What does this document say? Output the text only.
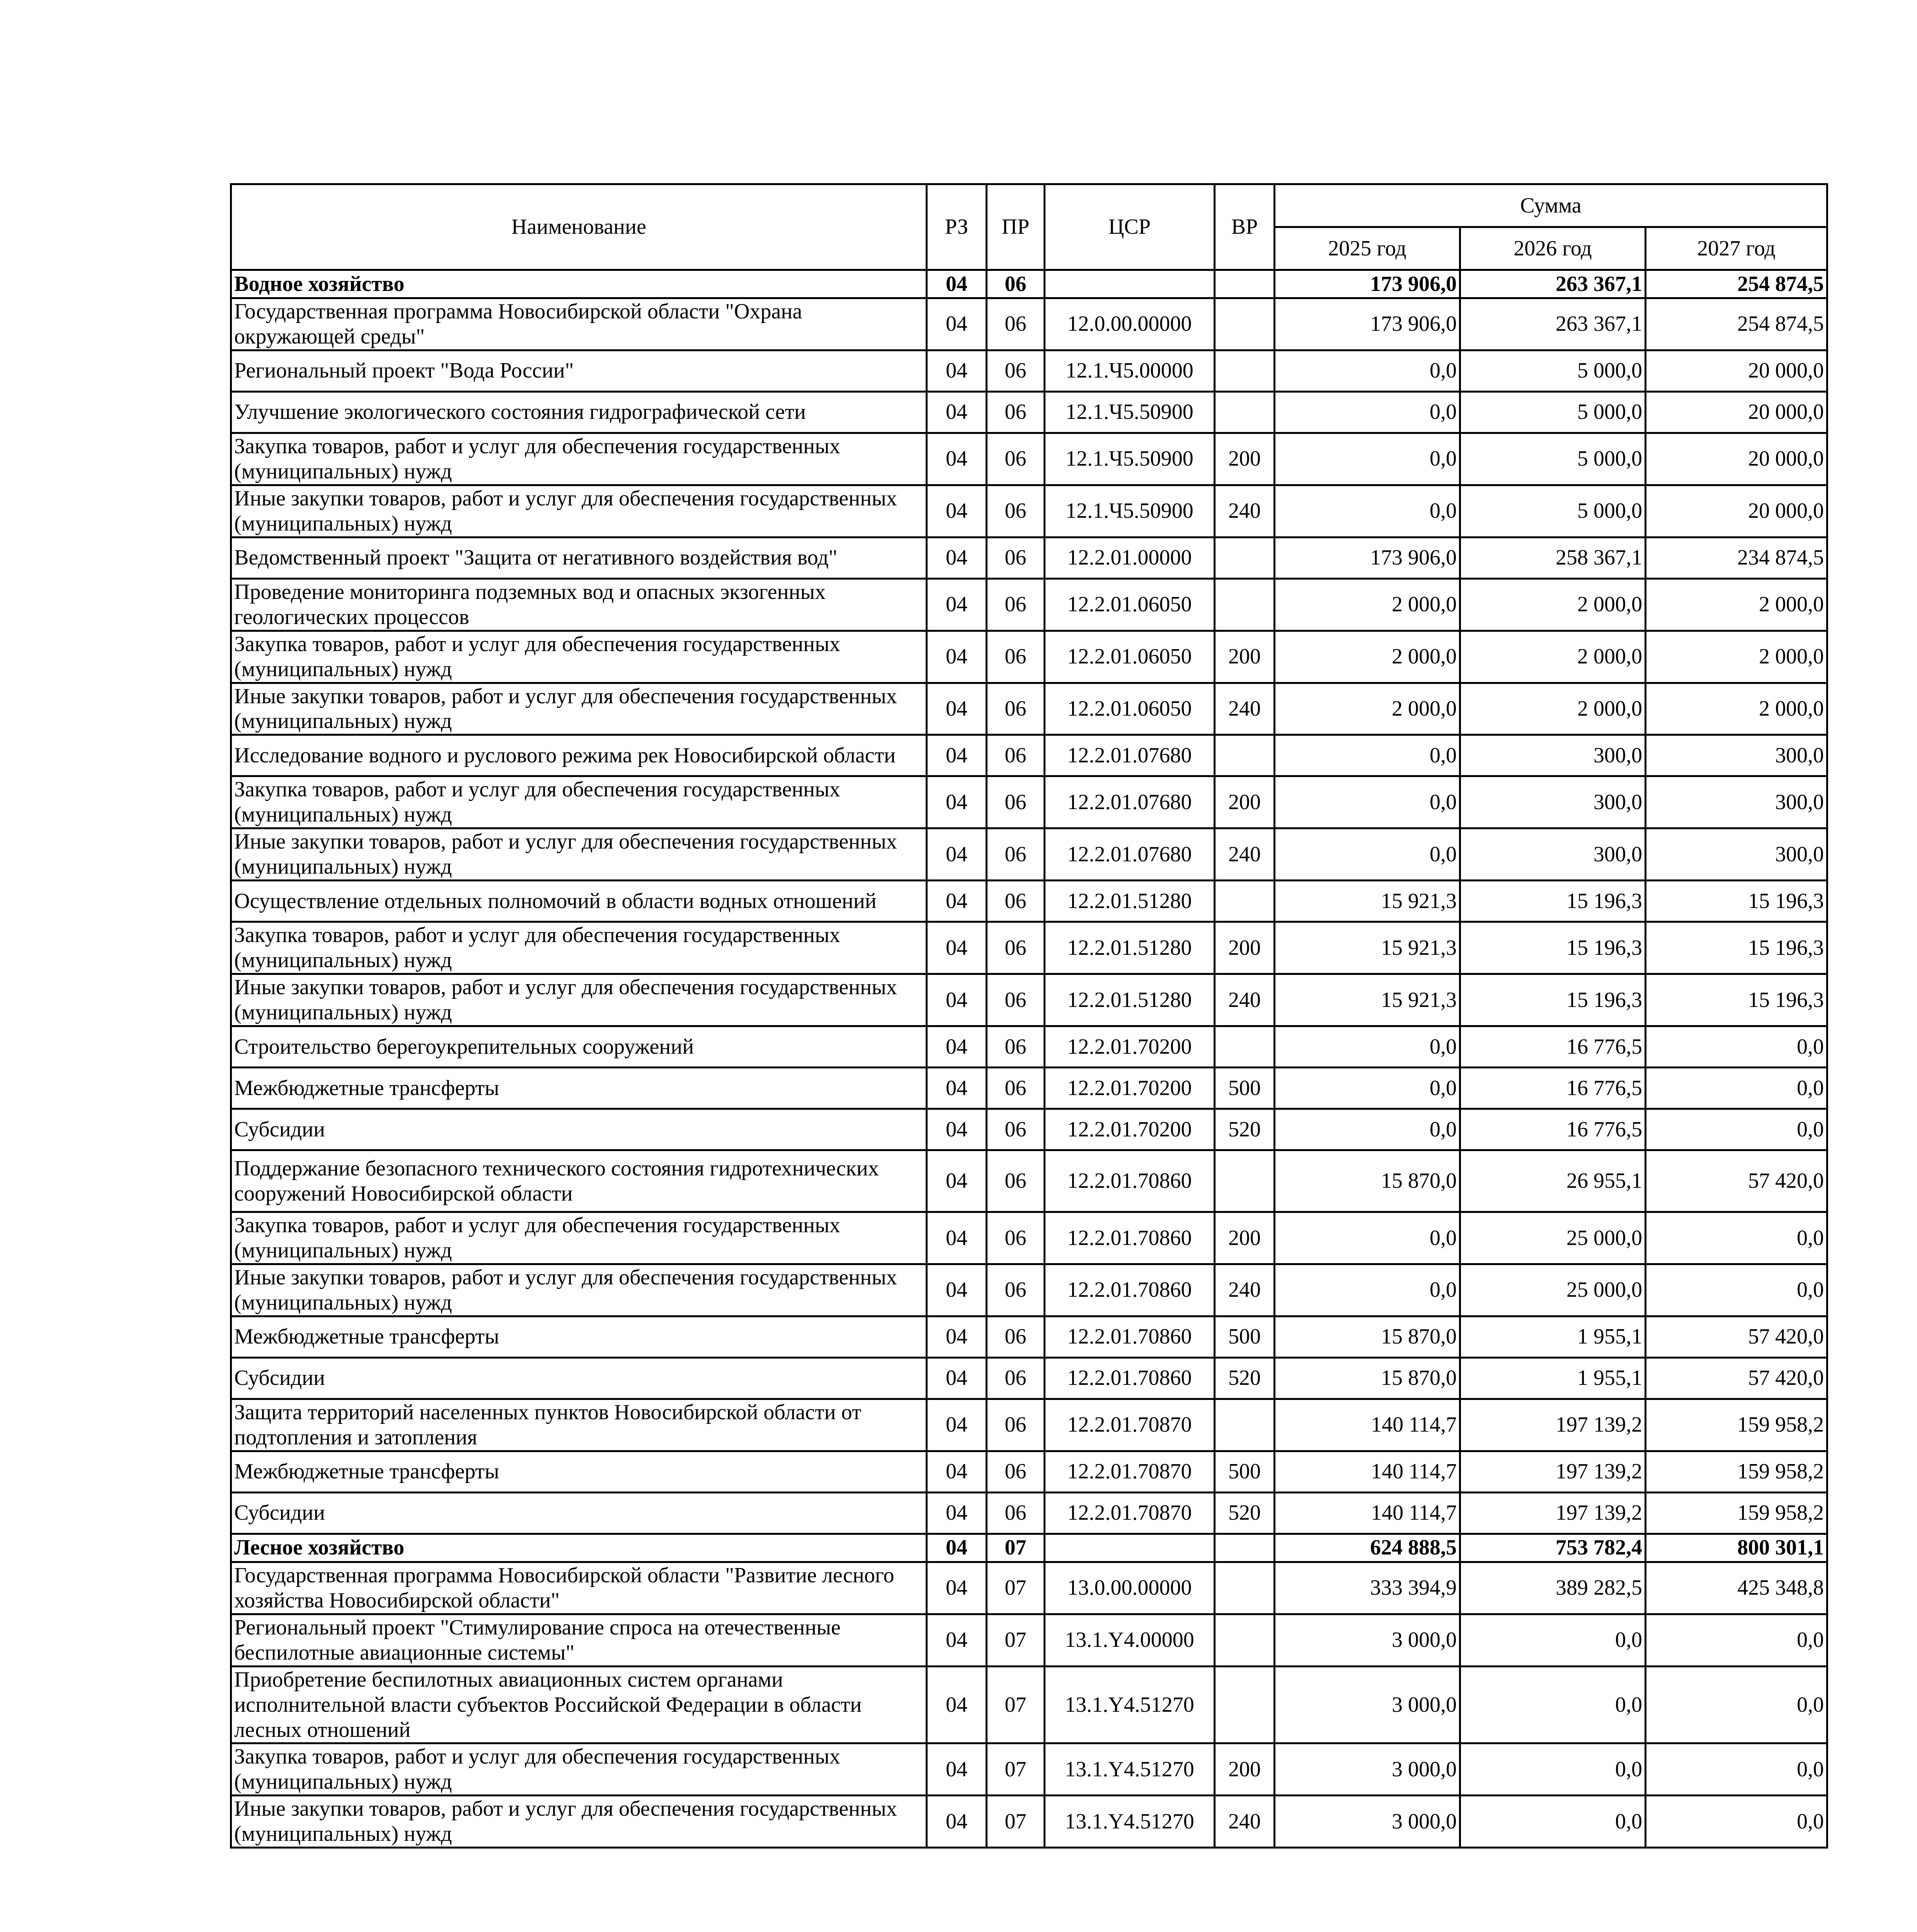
Наименование	РЗ	ПР	ЦСР	ВР	Сумма		
					2025 год	2026 год	2027 год
Водное хозяйство	04	06			173 906,0	263 367,1	254 874,5
Государственная программа Новосибирской области "Охрана окружающей среды"	04	06	12.0.00.00000		173 906,0	263 367,1	254 874,5
Региональный проект "Вода России"	04	06	12.1.Ч5.00000		0,0	5 000,0	20 000,0
Улучшение экологического состояния гидрографической сети	04	06	12.1.Ч5.50900		0,0	5 000,0	20 000,0
Закупка товаров, работ и услуг для обеспечения государственных (муниципальных) нужд	04	06	12.1.Ч5.50900	200	0,0	5 000,0	20 000,0
Иные закупки товаров, работ и услуг для обеспечения государственных (муниципальных) нужд	04	06	12.1.Ч5.50900	240	0,0	5 000,0	20 000,0
Ведомственный проект "Защита от негативного воздействия вод"	04	06	12.2.01.00000		173 906,0	258 367,1	234 874,5
Проведение мониторинга подземных вод и опасных экзогенных геологических процессов	04	06	12.2.01.06050		2 000,0	2 000,0	2 000,0
Закупка товаров, работ и услуг для обеспечения государственных (муниципальных) нужд	04	06	12.2.01.06050	200	2 000,0	2 000,0	2 000,0
Иные закупки товаров, работ и услуг для обеспечения государственных (муниципальных) нужд	04	06	12.2.01.06050	240	2 000,0	2 000,0	2 000,0
Исследование водного и руслового режима рек Новосибирской области	04	06	12.2.01.07680		0,0	300,0	300,0
Закупка товаров, работ и услуг для обеспечения государственных (муниципальных) нужд	04	06	12.2.01.07680	200	0,0	300,0	300,0
Иные закупки товаров, работ и услуг для обеспечения государственных (муниципальных) нужд	04	06	12.2.01.07680	240	0,0	300,0	300,0
Осуществление отдельных полномочий в области водных отношений	04	06	12.2.01.51280		15 921,3	15 196,3	15 196,3
Закупка товаров, работ и услуг для обеспечения государственных (муниципальных) нужд	04	06	12.2.01.51280	200	15 921,3	15 196,3	15 196,3
Иные закупки товаров, работ и услуг для обеспечения государственных (муниципальных) нужд	04	06	12.2.01.51280	240	15 921,3	15 196,3	15 196,3
Строительство берегоукрепительных сооружений	04	06	12.2.01.70200		0,0	16 776,5	0,0
Межбюджетные трансферты	04	06	12.2.01.70200	500	0,0	16 776,5	0,0
Субсидии	04	06	12.2.01.70200	520	0,0	16 776,5	0,0
Поддержание безопасного технического состояния гидротехнических сооружений Новосибирской области	04	06	12.2.01.70860		15 870,0	26 955,1	57 420,0
Закупка товаров, работ и услуг для обеспечения государственных (муниципальных) нужд	04	06	12.2.01.70860	200	0,0	25 000,0	0,0
Иные закупки товаров, работ и услуг для обеспечения государственных (муниципальных) нужд	04	06	12.2.01.70860	240	0,0	25 000,0	0,0
Межбюджетные трансферты	04	06	12.2.01.70860	500	15 870,0	1 955,1	57 420,0
Субсидии	04	06	12.2.01.70860	520	15 870,0	1 955,1	57 420,0
Защита территорий населенных пунктов Новосибирской области от подтопления и затопления	04	06	12.2.01.70870		140 114,7	197 139,2	159 958,2
Межбюджетные трансферты	04	06	12.2.01.70870	500	140 114,7	197 139,2	159 958,2
Субсидии	04	06	12.2.01.70870	520	140 114,7	197 139,2	159 958,2
Лесное хозяйство	04	07			624 888,5	753 782,4	800 301,1
Государственная программа Новосибирской области "Развитие лесного хозяйства Новосибирской области"	04	07	13.0.00.00000		333 394,9	389 282,5	425 348,8
Региональный проект "Стимулирование спроса на отечественные беспилотные авиационные системы"	04	07	13.1.Y4.00000		3 000,0	0,0	0,0
Приобретение беспилотных авиационных систем органами исполнительной власти субъектов Российской Федерации в области лесных отношений	04	07	13.1.Y4.51270		3 000,0	0,0	0,0
Закупка товаров, работ и услуг для обеспечения государственных (муниципальных) нужд	04	07	13.1.Y4.51270	200	3 000,0	0,0	0,0
Иные закупки товаров, работ и услуг для обеспечения государственных (муниципальных) нужд	04	07	13.1.Y4.51270	240	3 000,0	0,0	0,0
